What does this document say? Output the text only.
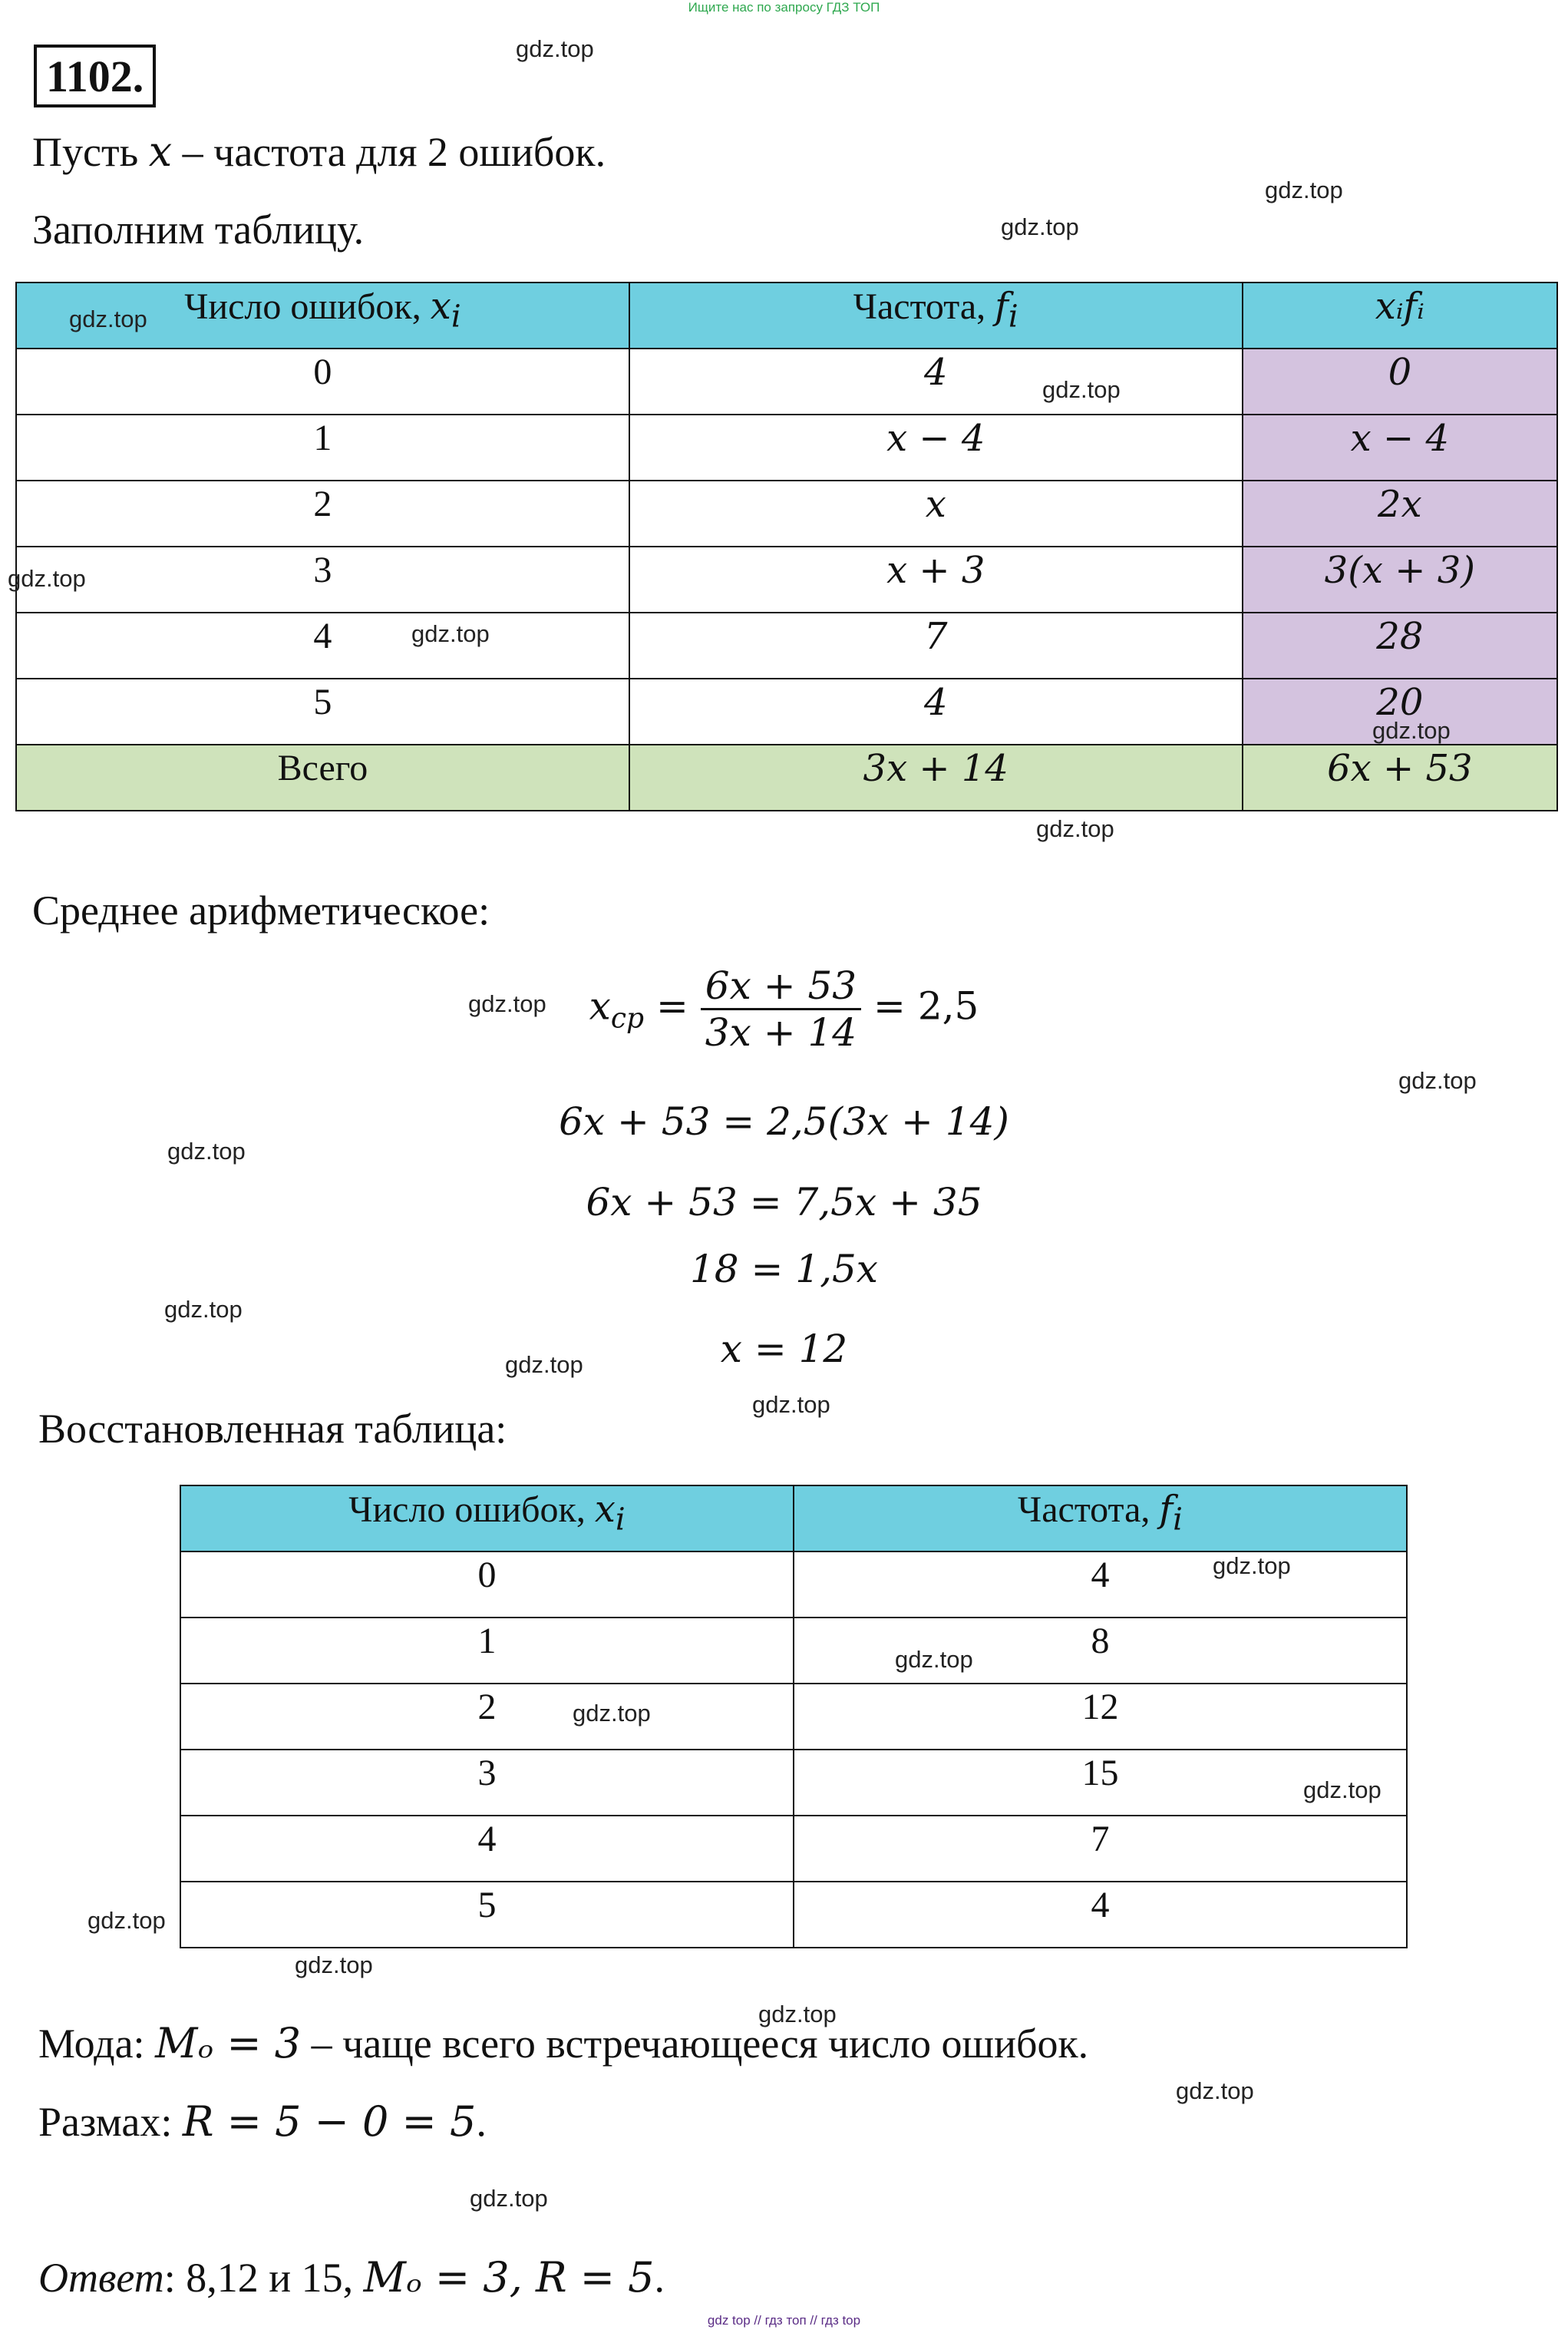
Ищите нас по запросу ГДЗ ТОП
1102.
Пусть x – частота для 2 ошибок.
Заполним таблицу.
Число ошибок, $x_i$	Частота, $f_i$	xᵢfᵢ
0	4	0
1	x − 4	x − 4
2	x	2x
3	x + 3	3(x + 3)
4	7	28
5	4	20
Всего	3x + 14	6x + 53
Среднее арифметическое:
$x_{cp} = \frac{6x + 53}{3x + 14} = 2,5$
6x + 53 = 2,5(3x + 14)
6x + 53 = 7,5x + 35
18 = 1,5x
x = 12
Восстановленная таблица:
Число ошибок, $x_i$	Частота, $f_i$
0	4
1	8
2	12
3	15
4	7
5	4
Мода: Mₒ = 3 – чаще всего встречающееся число ошибок.
Размах: R = 5 − 0 = 5.
Ответ: 8,12 и 15, Mₒ = 3, R = 5.
gdz.top
gdz.top
gdz.top
gdz.top
gdz.top
gdz.top
gdz.top
gdz.top
gdz.top
gdz.top
gdz.top
gdz.top
gdz.top
gdz.top
gdz.top
gdz.top
gdz.top
gdz.top
gdz.top
gdz.top
gdz.top
gdz.top
gdz.top
gdz.top
gdz top // гдз топ // гдз top
